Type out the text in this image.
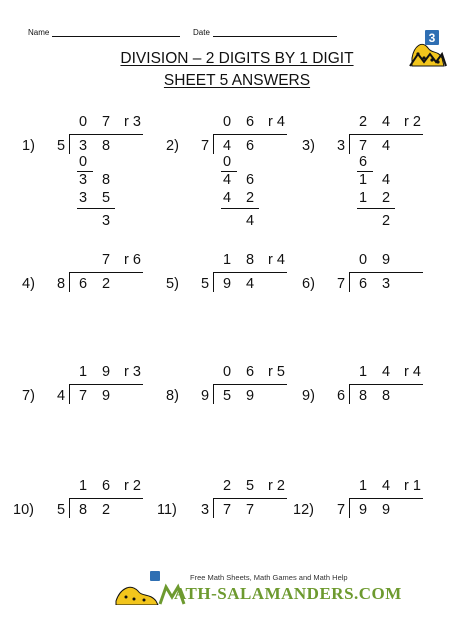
Name	Date
DIVISION – 2 DIGITS BY 1 DIGIT
SHEET 5 ANSWERS
3
1) 5
0 7 r 3
3 8
0
3 8
3 5
3
2) 7
0 6 r 4
4 6
0
4 6
4 2
4
3) 3
2 4 r 2
7 4
6
1 4
1 2
2
4) 8
7 r 6
6 2	5) 5
1 8 r 4
9 4	6) 7
0 9
6 3
7) 4
1 9 r 3
7 9	8) 9
0 6 r 5
5 9	9) 6
1 4 r 4
8 8
10) 5
1 6 r 2
8 2	11) 3
2 5 r 2
7 7	12) 7
1 4 r 1
9 9
Free Math Sheets, Math Games and Math Help
ATH-SALAMANDERS.COM
